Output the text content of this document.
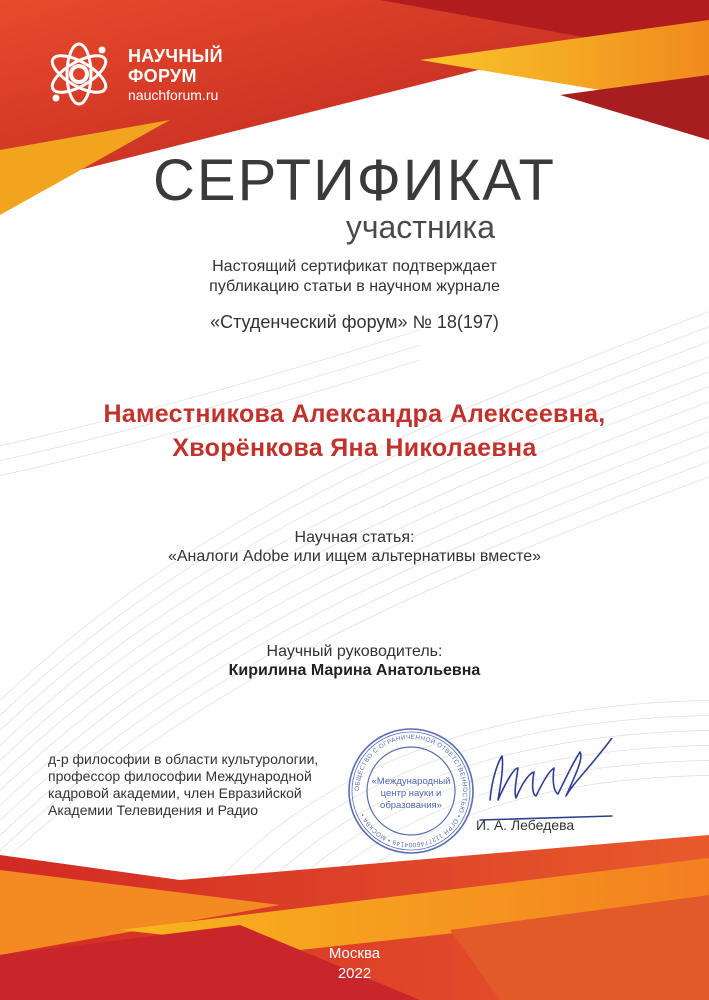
НАУЧНЫЙ
ФОРУМ
nauchforum.ru
СЕРТИФИКАТ
участника
Настоящий сертификат подтверждает
публикацию статьи в научном журнале
«Студенческий форум» № 18(197)
Наместникова Александра Алексеевна,
Хворёнкова Яна Николаевна
Научная статья:
«Аналоги Adobe или ищем альтернативы вместе»
Научный руководитель:
Кирилина Марина Анатольевна
д-р философии в области культурологии,
профессор философии Международной
кадровой академии, член Евразийской
Академии Телевидения и Радио
ОБЩЕСТВО С ОГРАНИЧЕННОЙ ОТВЕТСТВЕННОСТЬЮ • ОГРН 1127746004149 • МОСКВА •
«Международный
центр науки и
образования»
И. А. Лебедева
Москва
2022
